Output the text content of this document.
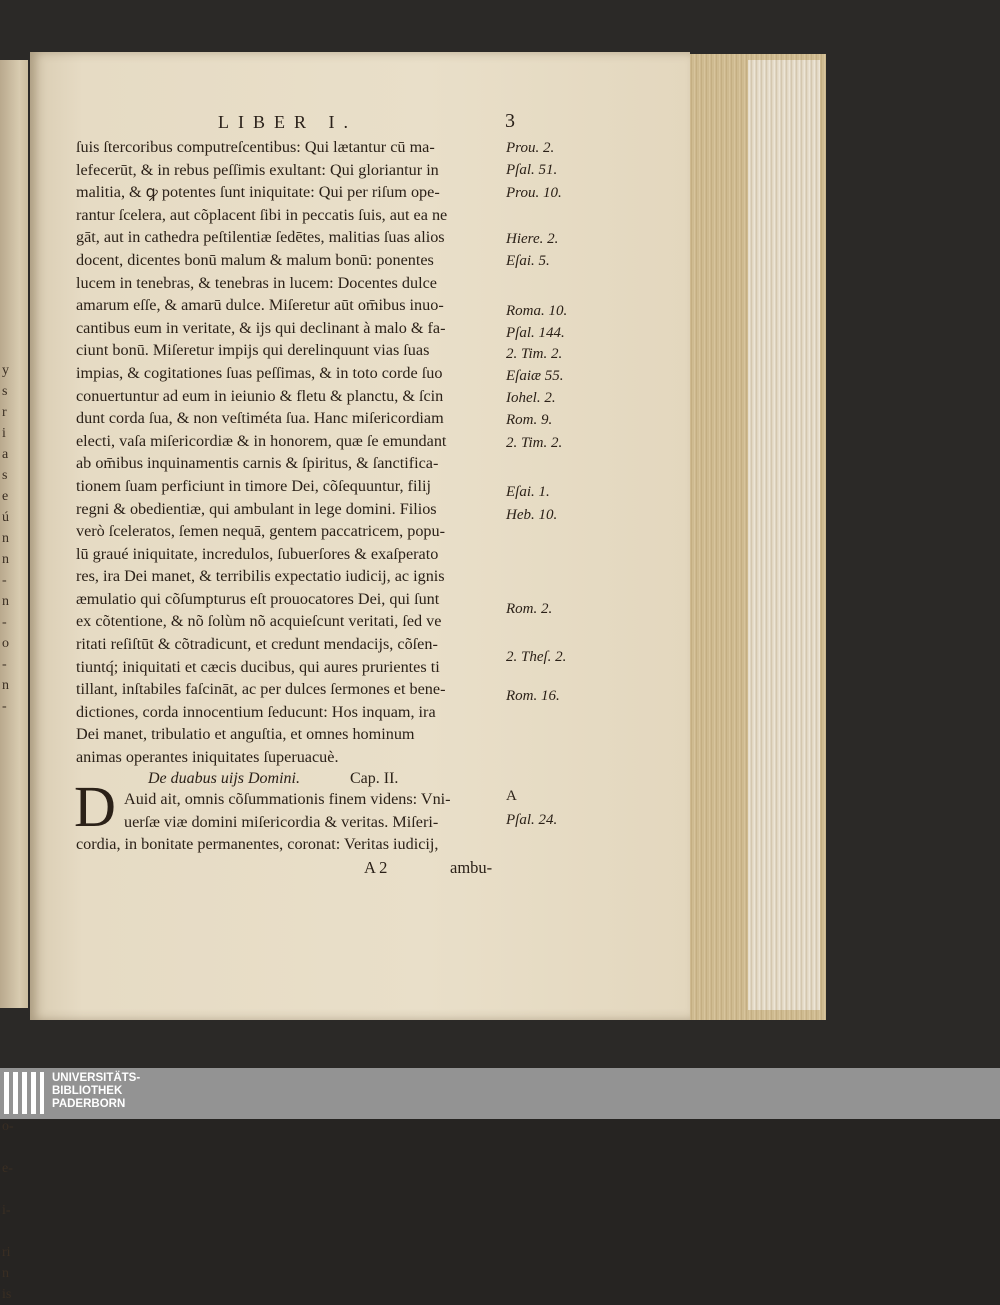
y
s
r
i
a
s
e
ú
n
n
-
n
-
o
-
n
-
o-
e-
i-
ri
n
is
LIBER I.	3
ſuis ſtercoribus computreſcentibus: Qui lætantur cū ma-
lefecerūt, & in rebus peſſimis exultant: Qui gloriantur in
malitia, & ꝙ potentes ſunt iniquitate: Qui per riſum ope-
rantur ſcelera, aut cõplacent ſibi in peccatis ſuis, aut ea ne
gāt, aut in cathedra peſtilentiæ ſedētes, malitias ſuas alios
docent, dicentes bonū malum & malum bonū: ponentes
lucem in tenebras, & tenebras in lucem: Docentes dulce
amarum eſſe, & amarū dulce. Miſeretur aūt om̄ibus inuo-
cantibus eum in veritate, & ijs qui declinant à malo & fa-
ciunt bonū. Miſeretur impijs qui derelinquunt vias ſuas
impias, & cogitationes ſuas peſſimas, & in toto corde ſuo
conuertuntur ad eum in ieiunio & fletu & planctu, & ſcin
dunt corda ſua, & non veſtiméta ſua. Hanc miſericordiam
electi, vaſa miſericordiæ & in honorem, quæ ſe emundant
ab om̄ibus inquinamentis carnis & ſpiritus, & ſanctifica-
tionem ſuam perficiunt in timore Dei, cõſequuntur, filij
regni & obedientiæ, qui ambulant in lege domini. Filios
verò ſceleratos, ſemen nequā, gentem paccatricem, popu-
lū graué iniquitate, incredulos, ſubuerſores & exaſperato
res, ira Dei manet, & terribilis expectatio iudicij, ac ignis
æmulatio qui cõſumpturus eſt prouocatores Dei, qui ſunt
ex cõtentione, & nõ ſolùm nõ acquieſcunt veritati, ſed ve
ritati reſiſtūt & cõtradicunt, et credunt mendacijs, cõſen-
tiuntq́; iniquitati et cæcis ducibus, qui aures prurientes ti
tillant, inſtabiles faſcināt, ac per dulces ſermones et bene-
dictiones, corda innocentium ſeducunt: Hos inquam, ira
Dei manet, tribulatio et anguſtia, et omnes hominum
animas operantes iniquitates ſuperuacuè.
Prou. 2.
Pſal. 51.
Prou. 10.
Hiere. 2.
Eſai. 5.
Roma. 10.
Pſal. 144.
2. Tim. 2.
Eſaiæ 55.
Iohel. 2.
Rom. 9.
2. Tim. 2.
Eſai. 1.
Heb. 10.
Rom. 2.
2. Theſ. 2.
Rom. 16.
A
Pſal. 24.
De duabus uijs Domini.	Cap. II.
D Auid ait, omnis cõſummationis finem videns: Vni-
uerſæ viæ domini miſericordia & veritas. Miſeri-
cordia, in bonitate permanentes, coronat: Veritas iudicij,
A 2	ambu-
UNIVERSITÄTS-
BIBLIOTHEK
PADERBORN
